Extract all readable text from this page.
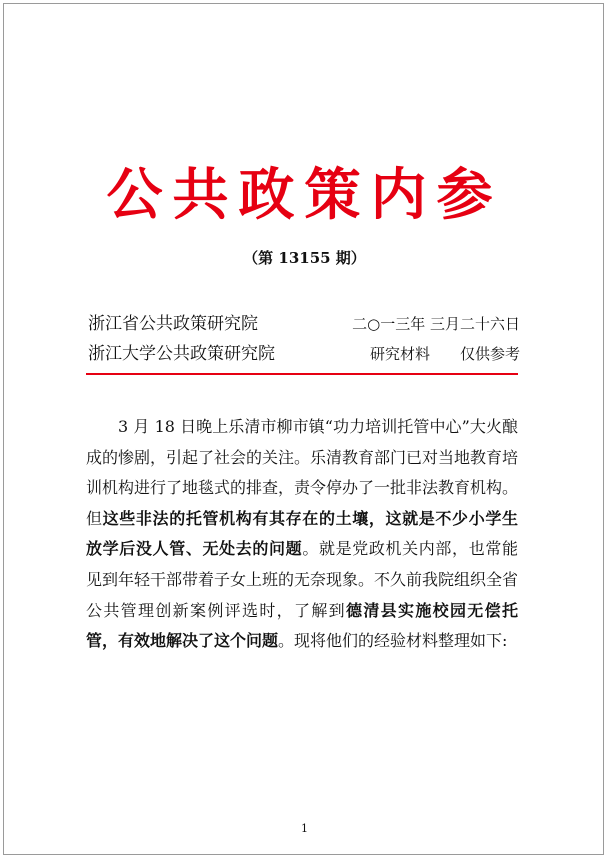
公共政策内参
（第 13155 期）
浙江省公共政策研究院	二○一三年 三月二十六日
浙江大学公共政策研究院	研究材料　　仅供参考
3 月 18 日晚上乐清市柳市镇“功力培训托管中心”大火酿成的惨剧，引起了社会的关注。乐清教育部门已对当地教育培训机构进行了地毯式的排查，责令停办了一批非法教育机构。但这些非法的托管机构有其存在的土壤，这就是不少小学生放学后没人管、无处去的问题。就是党政机关内部，也常能见到年轻干部带着子女上班的无奈现象。不久前我院组织全省公共管理创新案例评选时，了解到德清县实施校园无偿托管，有效地解决了这个问题。现将他们的经验材料整理如下:
1
